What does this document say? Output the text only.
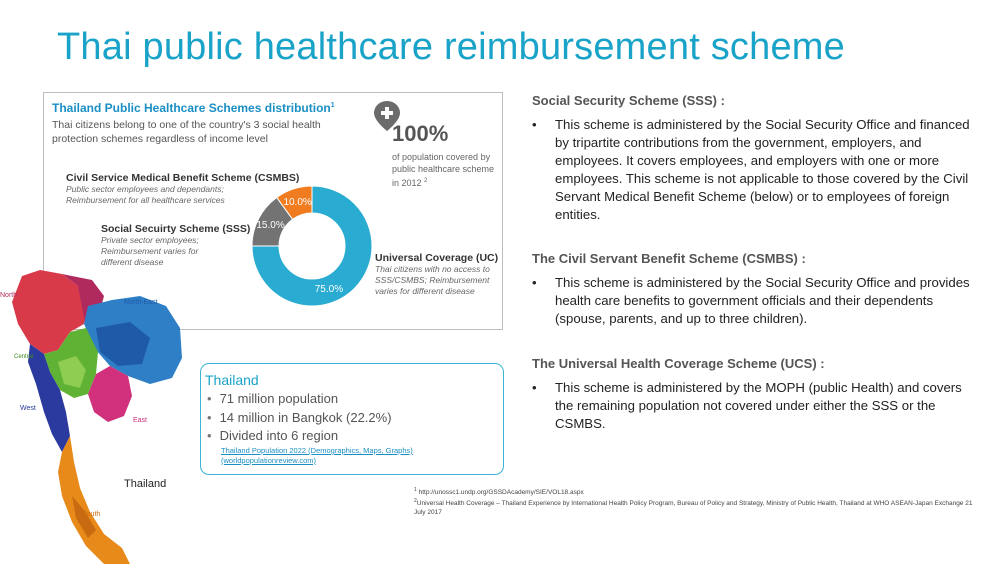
Thai public healthcare reimbursement scheme
Thailand Public Healthcare Schemes distribution$^1$
Thai citizens belong to one of the country's 3 social health protection schemes regardless of income level	100%
of population covered by public healthcare scheme in 2012 $^2$
Civil Service Medical Benefit Scheme (CSMBS)
Public sector employees and dependants; Reimbursement for all healthcare services
Social Secuirty Scheme (SSS)
Private sector employees; Reimbursement varies for different disease	Universal Coverage (UC)
Thai citizens with no access to SSS/CSMBS; Reimbursement varies for different disease
75.0%
15.0%
10.0%
North
North-East
Central
West
East
South
Thailand
Thailand
• 71 million population
• 14 million in Bangkok (22.2%)
• Divided into 6 region
Thailand Population 2022 (Demographics, Maps, Graphs)
(worldpopulationreview.com)
Social Security Scheme (SSS) :
• This scheme is administered by the Social Security Office and financed by tripartite contributions from the government, employers, and employees. It covers employees, and employers with one or more employees. This scheme is not applicable to those covered by the Civil Servant Medical Benefit Scheme (below) or to employees of foreign entities.
The Civil Servant Benefit Scheme (CSMBS) :
• This scheme is administered by the Social Security Office and provides health care benefits to government officials and their dependents (spouse, parents, and up to three children).
The Universal Health Coverage Scheme (UCS) :
• This scheme is administered by the MOPH (public Health) and covers the remaining population not covered under either the SSS or the CSMBS.
$^1$ http://unossc1.undp.org/GSSDAcademy/SIE/VOL18.aspx
$^2$Universal Health Coverage – Thailand Experience by International Health Policy Program, Bureau of Policy and Strategy, Ministry of Public Health, Thailand at WHO ASEAN-Japan Exchange 21 July 2017
